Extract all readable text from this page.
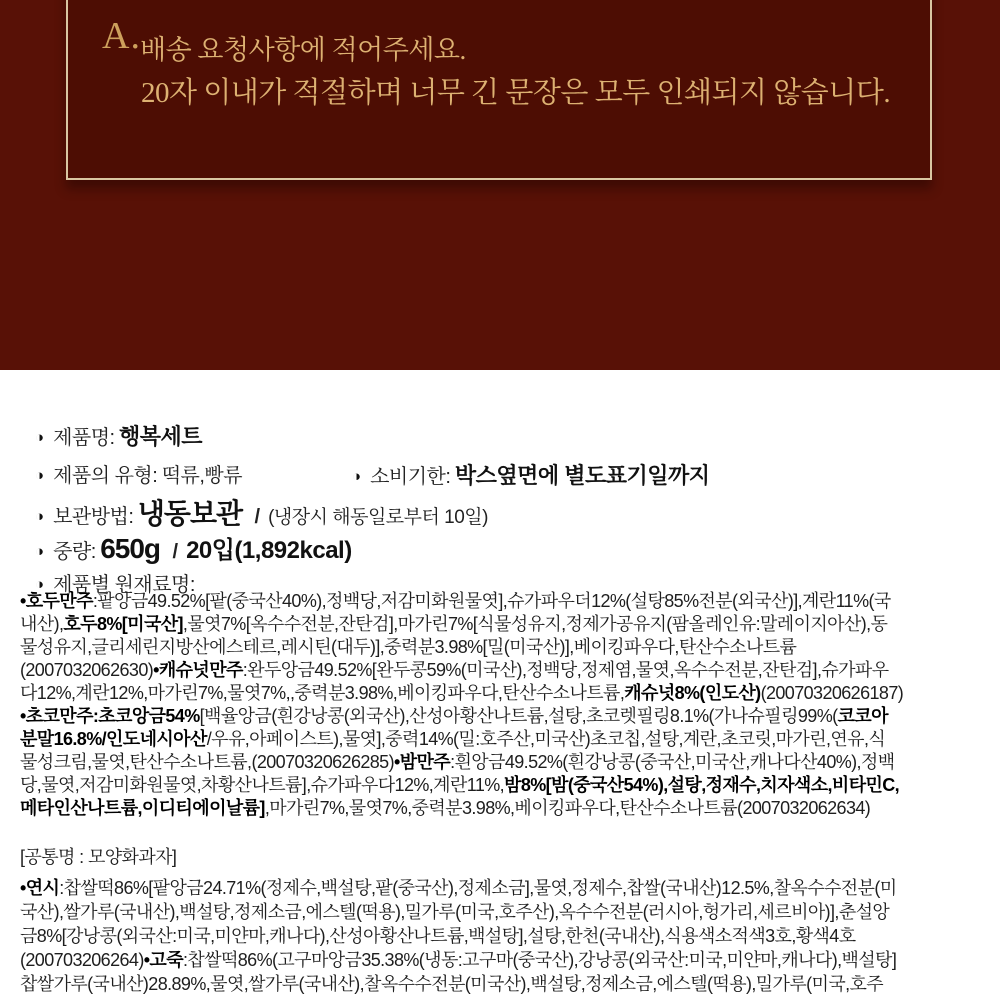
A. 배송 요청사항에 적어주세요.
20자 이내가 적절하며 너무 긴 문장은 모두 인쇄되지 않습니다.
◑ 제품명: 행복세트
◑ 제품의 유형: 떡류,빵류	◑ 소비기한: 박스옆면에 별도표기일까지
◑ 보관방법: 냉동보관 / (냉장시 해동일로부터 10일)
◑ 중량: 650g / 20입(1,892kcal)
◑ 제품별 원재료명:
•호두만주:팥앙금49.52%[팥(중국산40%),정백당,저감미화원물엿],슈가파우더12%(설탕85%전분(외국산)],계란11%(국
내산),호두8%[미국산],물엿7%[옥수수전분,잔탄검],마가린7%[식물성유지,정제가공유지(팜올레인유:말레이지아산),동
물성유지,글리세린지방산에스테르,레시틴(대두)],중력분3.98%[밀(미국산)],베이킹파우다,탄산수소나트륨
(2007032062630)•캐슈넛만주:완두앙금49.52%[완두콩59%(미국산),정백당,정제염,물엿,옥수수전분,잔탄검],슈가파우
다12%,계란12%,마가린7%,물엿7%,,중력분3.98%,베이킹파우다,탄산수소나트륨,캐슈넛8%(인도산)(20070320626187)
•초코만주:초코앙금54%[백율앙금(흰강낭콩(외국산),산성아황산나트륨,설탕,초코렛필링8.1%(가나슈필링99%(코코아
분말16.8%/인도네시아산/우유,아페이스트),물엿],중력14%(밀:호주산,미국산)초코칩,설탕,계란,초코릿,마가린,연유,식
물성크림,물엿,탄산수소나트륨,(20070320626285)•밤만주:흰앙금49.52%(흰강낭콩(중국산,미국산,캐나다산40%),정백
당,물엿,저감미화원물엿,차황산나트륨],슈가파우다12%,계란11%,밤8%[밤(중국산54%),설탕,정재수,치자색소,비타민C,
메타인산나트륨,이디티에이날륨],마가린7%,물엿7%,중력분3.98%,베이킹파우다,탄산수소나트륨(2007032062634)
[공통명 : 모양화과자]
•연시:찹쌀떡86%[팥앙금24.71%(정제수,백설탕,팥(중국산),정제소금],물엿,정제수,찹쌀(국내산)12.5%,찰옥수수전분(미
국산),쌀가루(국내산),백설탕,정제소금,에스텔(떡용),밀가루(미국,호주산),옥수수전분(러시아,헝가리,세르비아)],춘설앙
금8%[강낭콩(외국산:미국,미얀마,캐나다),산성아황산나트륨,백설탕],설탕,한천(국내산),식용색소적색3호,황색4호
(200703206264)•고죽:찹쌀떡86%(고구마앙금35.38%(냉동:고구마(중국산),강낭콩(외국산:미국,미얀마,캐나다),백설탕]
찹쌀가루(국내산)28.89%,물엿,쌀가루(국내산),찰옥수수전분(미국산),백설탕,정제소금,에스텔(떡용),밀가루(미국,호주
